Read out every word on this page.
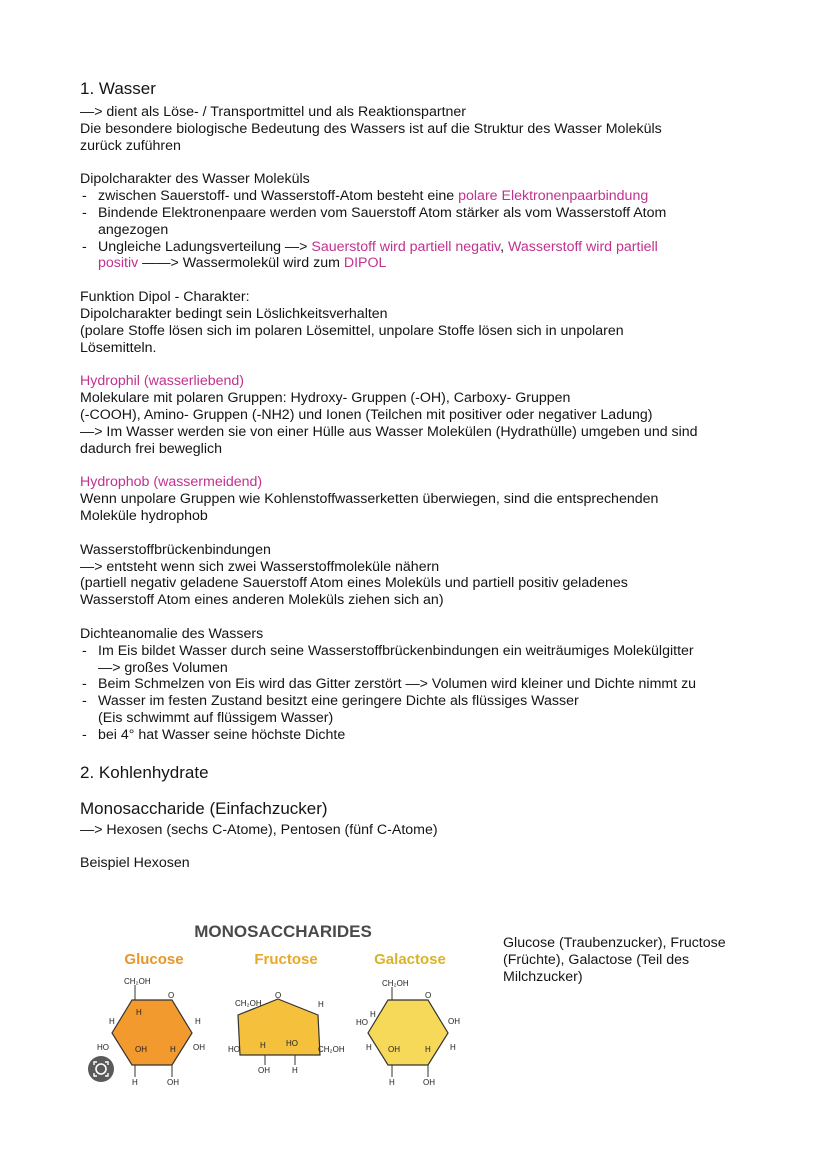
1. Wasser

—> dient als Löse- / Transportmittel und als Reaktionspartner

Die besondere biologische Bedeutung des Wassers ist auf die Struktur des Wasser Moleküls

zurück zuführen

Dipolcharakter des Wasser Moleküls

- zwischen Sauerstoff- und Wasserstoff-Atom besteht eine polare Elektronenpaarbindung
- Bindende Elektronenpaare werden vom Sauerstoff Atom stärker als vom Wasserstoff Atom
angezogen
- Ungleiche Ladungsverteilung —> Sauerstoff wird partiell negativ, Wasserstoff wird partiell
positiv ——> Wassermolekül wird zum DIPOL

Funktion Dipol - Charakter:

Dipolcharakter bedingt sein Löslichkeitsverhalten

(polare Stoffe lösen sich im polaren Lösemittel, unpolare Stoffe lösen sich in unpolaren

Lösemitteln.

Hydrophil (wasserliebend)

Molekulare mit polaren Gruppen: Hydroxy- Gruppen (-OH), Carboxy- Gruppen

(-COOH), Amino- Gruppen (-NH2) und Ionen (Teilchen mit positiver oder negativer Ladung)

—> Im Wasser werden sie von einer Hülle aus Wasser Molekülen (Hydrathülle) umgeben und sind

dadurch frei beweglich

Hydrophob (wassermeidend)

Wenn unpolare Gruppen wie Kohlenstoffwasserketten überwiegen, sind die entsprechenden

Moleküle hydrophob

Wasserstoffbrückenbindungen

—> entsteht wenn sich zwei Wasserstoffmoleküle nähern

(partiell negativ geladene Sauerstoff Atom eines Moleküls und partiell positiv geladenes

Wasserstoff Atom eines anderen Moleküls ziehen sich an)

Dichteanomalie des Wassers

- Im Eis bildet Wasser durch seine Wasserstoffbrückenbindungen ein weiträumiges Molekülgitter
—> großes Volumen
- Beim Schmelzen von Eis wird das Gitter zerstört —> Volumen wird kleiner und Dichte nimmt zu
- Wasser im festen Zustand besitzt eine geringere Dichte als flüssiges Wasser
(Eis schwimmt auf flüssigem Wasser)
- bei 4° hat Wasser seine höchste Dichte
2. Kohlenhydrate
Monosaccharide (Einfachzucker)

—> Hexosen (sechs C-Atome), Pentosen (fünf C-Atome)

Beispiel Hexosen

MONOSACCHARIDES
Glucose	Fructose	Galactose
CH₂OH
O
H
H	H
HO	OH	H OH
H	OH
CH₂OH
O
H
H	HO
HO	CH₂OH
OH	H
CH₂OH
O
H
HO	OH
H OH	H H
H	OH
Glucose (Traubenzucker), Fructose
(Früchte), Galactose (Teil des
Milchzucker)
